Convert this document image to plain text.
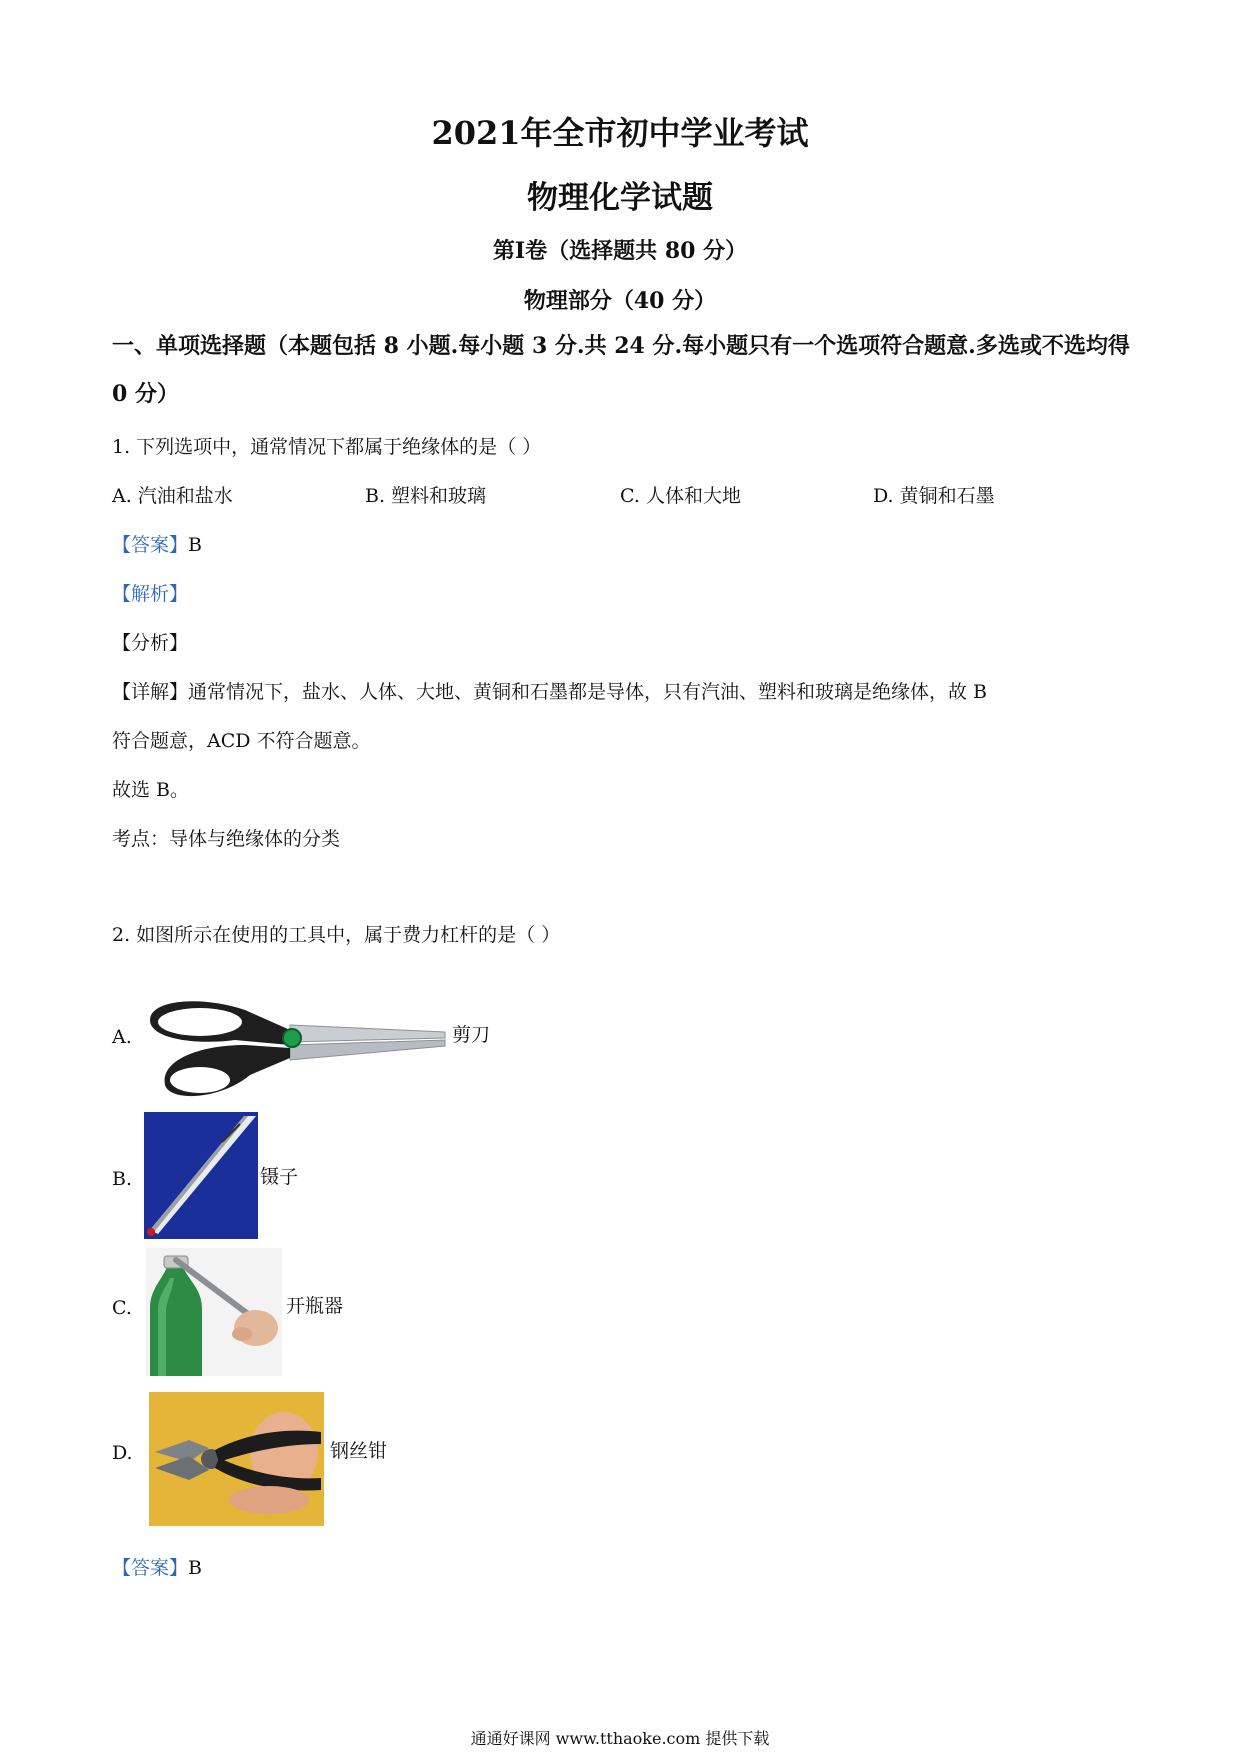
2021年全市初中学业考试
物理化学试题
第Ⅰ卷（选择题共 80 分）
物理部分（40 分）
一、单项选择题（本题包括 8 小题.每小题 3 分.共 24 分.每小题只有一个选项符合题意.多选或不选均得 0 分）
1. 下列选项中，通常情况下都属于绝缘体的是（ ）
A. 汽油和盐水	B. 塑料和玻璃	C. 人体和大地	D. 黄铜和石墨
【答案】B
【解析】
【分析】
【详解】通常情况下，盐水、人体、大地、黄铜和石墨都是导体，只有汽油、塑料和玻璃是绝缘体，故 B
符合题意，ACD 不符合题意。
故选 B。
考点：导体与绝缘体的分类
2. 如图所示在使用的工具中，属于费力杠杆的是（ ）
A.	剪刀
B.	镊子
C.	开瓶器
D.	钢丝钳
【答案】B
通通好课网 www.tthaoke.com 提供下载
